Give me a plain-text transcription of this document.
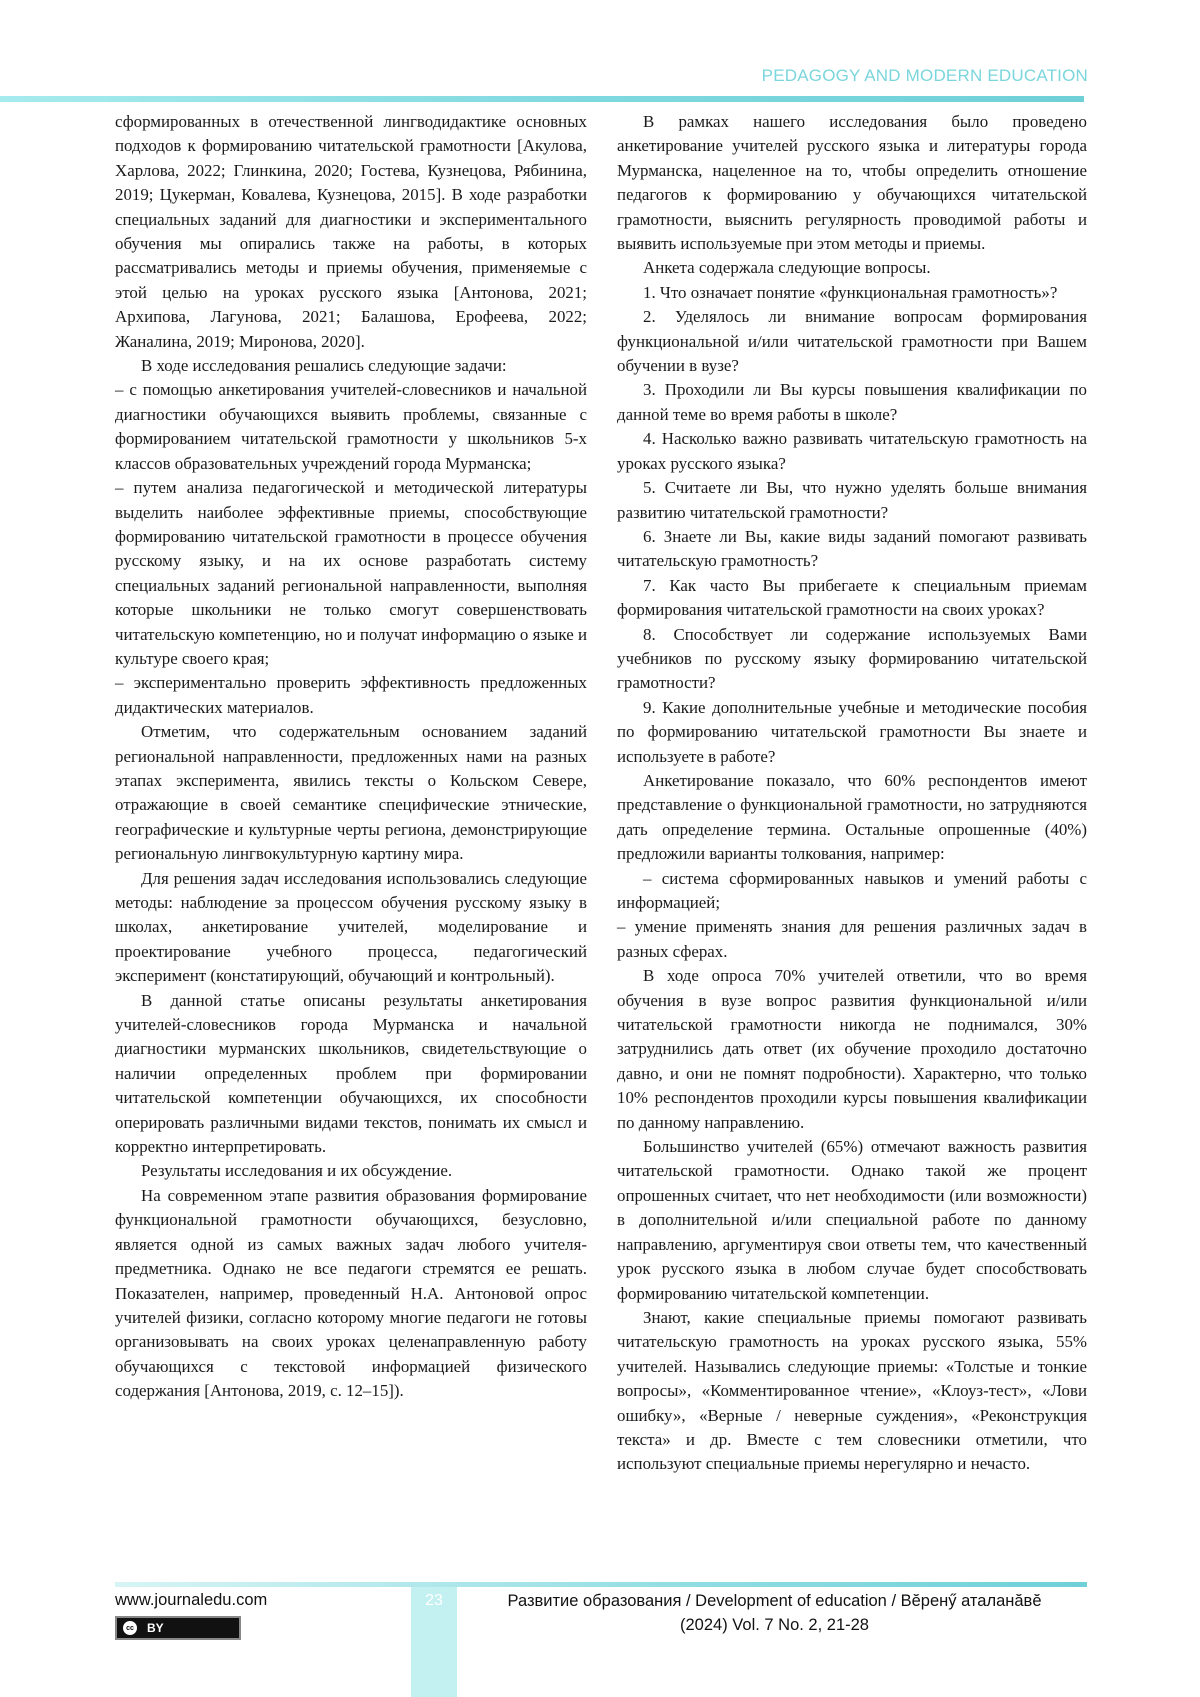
PEDAGOGY AND MODERN EDUCATION

сформированных в отечественной лингводидактике основных подходов к формированию читательской грамотности [Акулова, Харлова, 2022; Глинкина, 2020; Гостева, Кузнецова, Рябинина, 2019; Цукерман, Ковалева, Кузнецова, 2015]. В ходе разработки специальных заданий для диагностики и экспериментального обучения мы опирались также на работы, в которых рассматривались методы и приемы обучения, применяемые с этой целью на уроках русского языка [Антонова, 2021; Архипова, Лагунова, 2021; Балашова, Ерофеева, 2022; Жаналина, 2019; Миронова, 2020].

В ходе исследования решались следующие задачи:

– с помощью анкетирования учителей-словесников и начальной диагностики обучающихся выявить проблемы, связанные с формированием читательской грамотности у школьников 5-х классов образовательных учреждений города Мурманска;

– путем анализа педагогической и методической литературы выделить наиболее эффективные приемы, способствующие формированию читательской грамотности в процессе обучения русскому языку, и на их основе разработать систему специальных заданий региональной направленности, выполняя которые школьники не только смогут совершенствовать читательскую компетенцию, но и получат информацию о языке и культуре своего края;

– экспериментально проверить эффективность предложенных дидактических материалов.

Отметим, что содержательным основанием заданий региональной направленности, предложенных нами на разных этапах эксперимента, явились тексты о Кольском Севере, отражающие в своей семантике специфические этнические, географические и культурные черты региона, демонстрирующие региональную лингвокультурную картину мира.

Для решения задач исследования использовались следующие методы: наблюдение за процессом обучения русскому языку в школах, анкетирование учителей, моделирование и проектирование учебного процесса, педагогический эксперимент (констатирующий, обучающий и контрольный).

В данной статье описаны результаты анкетирования учителей-словесников города Мурманска и начальной диагностики мурманских школьников, свидетельствующие о наличии определенных проблем при формировании читательской компетенции обучающихся, их способности оперировать различными видами текстов, понимать их смысл и корректно интерпретировать.

Результаты исследования и их обсуждение.

На современном этапе развития образования формирование функциональной грамотности обучающихся, безусловно, является одной из самых важных задач любого учителя-предметника. Однако не все педагоги стремятся ее решать. Показателен, например, проведенный Н.А. Антоновой опрос учителей физики, согласно которому многие педагоги не готовы организовывать на своих уроках целенаправленную работу обучающихся с текстовой информацией физического содержания [Антонова, 2019, с. 12–15]).

В рамках нашего исследования было проведено анкетирование учителей русского языка и литературы города Мурманска, нацеленное на то, чтобы определить отношение педагогов к формированию у обучающихся читательской грамотности, выяснить регулярность проводимой работы и выявить используемые при этом методы и приемы.

Анкета содержала следующие вопросы.

1. Что означает понятие «функциональная грамотность»?

2. Уделялось ли внимание вопросам формирования функциональной и/или читательской грамотности при Вашем обучении в вузе?

3. Проходили ли Вы курсы повышения квалификации по данной теме во время работы в школе?

4. Насколько важно развивать читательскую грамотность на уроках русского языка?

5. Считаете ли Вы, что нужно уделять больше внимания развитию читательской грамотности?

6. Знаете ли Вы, какие виды заданий помогают развивать читательскую грамотность?

7. Как часто Вы прибегаете к специальным приемам формирования читательской грамотности на своих уроках?

8. Способствует ли содержание используемых Вами учебников по русскому языку формированию читательской грамотности?

9. Какие дополнительные учебные и методические пособия по формированию читательской грамотности Вы знаете и используете в работе?

Анкетирование показало, что 60% респондентов имеют представление о функциональной грамотности, но затрудняются дать определение термина. Остальные опрошенные (40%) предложили варианты толкования, например:

– система сформированных навыков и умений работы с информацией;

– умение применять знания для решения различных задач в разных сферах.

В ходе опроса 70% учителей ответили, что во время обучения в вузе вопрос развития функциональной и/или читательской грамотности никогда не поднимался, 30% затруднились дать ответ (их обучение проходило достаточно давно, и они не помнят подробности). Характерно, что только 10% респондентов проходили курсы повышения квалификации по данному направлению.

Большинство учителей (65%) отмечают важность развития читательской грамотности. Однако такой же процент опрошенных считает, что нет необходимости (или возможности) в дополнительной и/или специальной работе по данному направлению, аргументируя свои ответы тем, что качественный урок русского языка в любом случае будет способствовать формированию читательской компетенции.

Знают, какие специальные приемы помогают развивать читательскую грамотность на уроках русского языка, 55% учителей. Назывались следующие приемы: «Толстые и тонкие вопросы», «Комментированное чтение», «Клоуз-тест», «Лови ошибку», «Верные / неверные суждения», «Реконструкция текста» и др. Вместе с тем словесники отметили, что используют специальные приемы нерегулярно и нечасто.

23
www.journaledu.com
cc	BY
Развитие образования / Development of education / Вĕренӳ аталанăвĕ
(2024) Vol. 7 No. 2, 21-28
